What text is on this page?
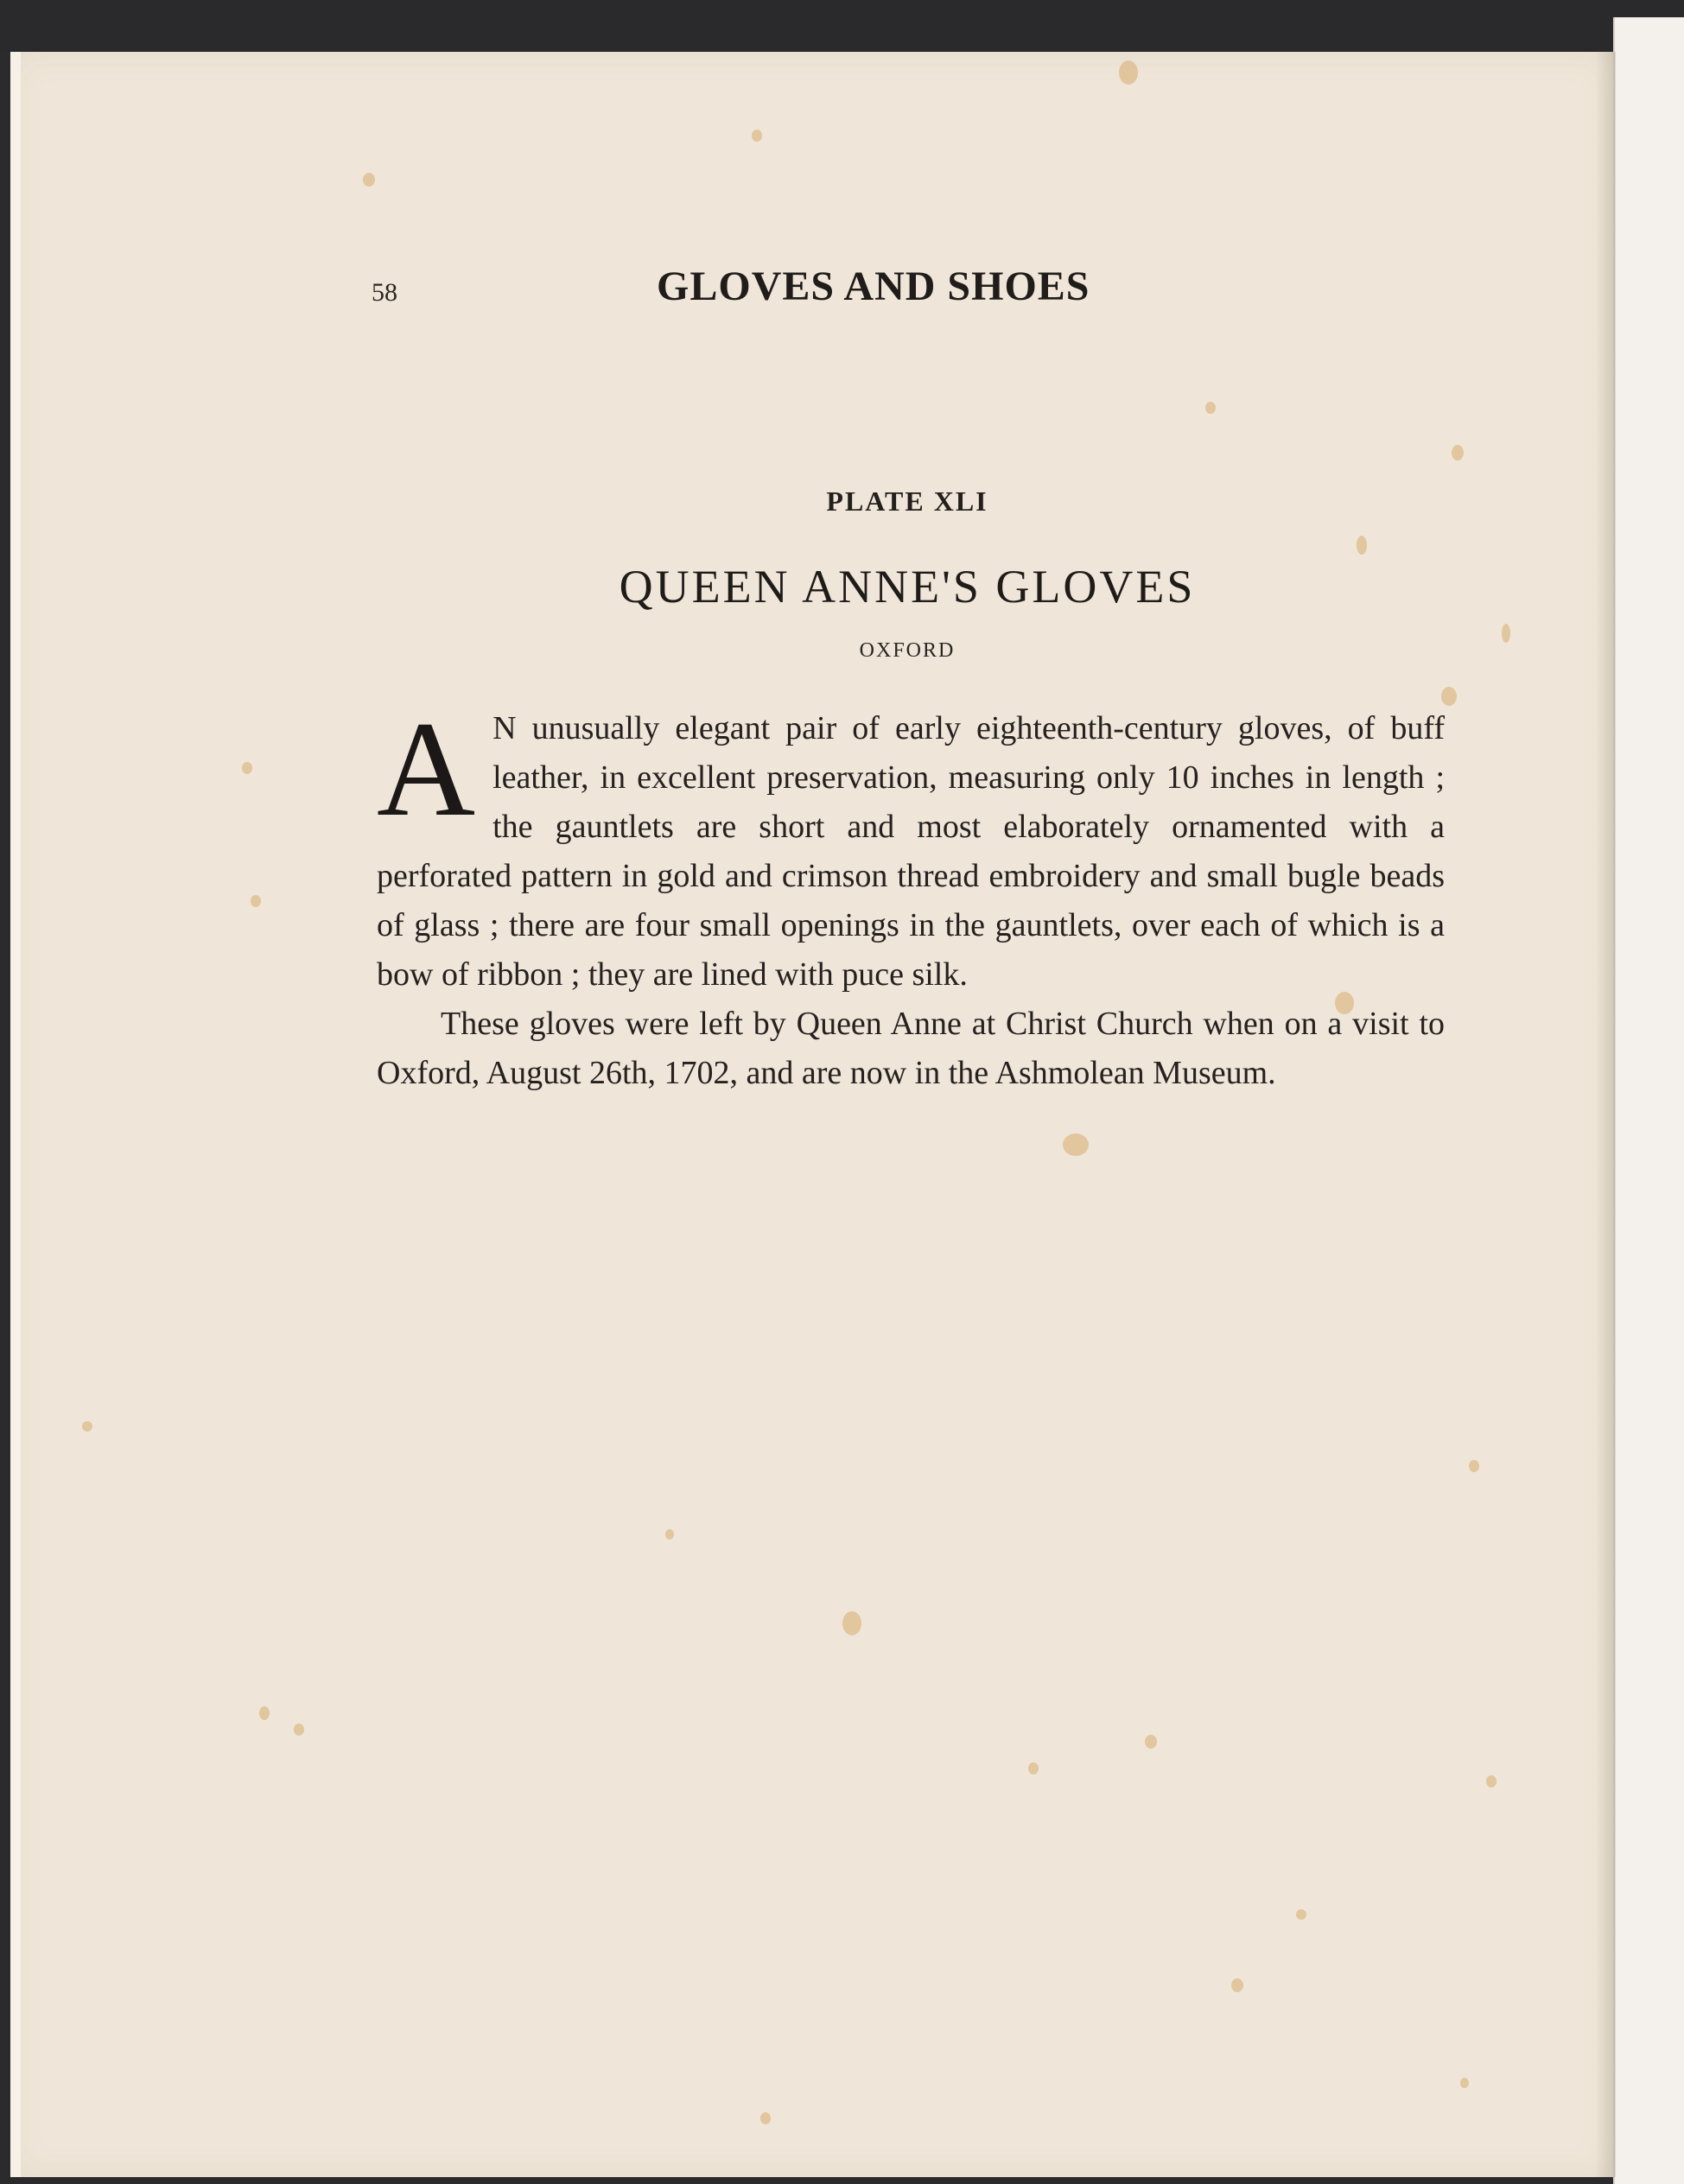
58	GLOVES AND SHOES
PLATE XLI
QUEEN ANNE'S GLOVES

OXFORD

A N unusually elegant pair of early eighteenth-century gloves, of buff leather, in excellent preservation, measuring only 10 inches in length ; the gauntlets are short and most elaborately ornamented with a perforated pattern in gold and crimson thread embroidery and small bugle beads of glass ; there are four small openings in the gauntlets, over each of which is a bow of ribbon ; they are lined with puce silk.

These gloves were left by Queen Anne at Christ Church when on a visit to Oxford, August 26th, 1702, and are now in the Ashmolean Museum.
